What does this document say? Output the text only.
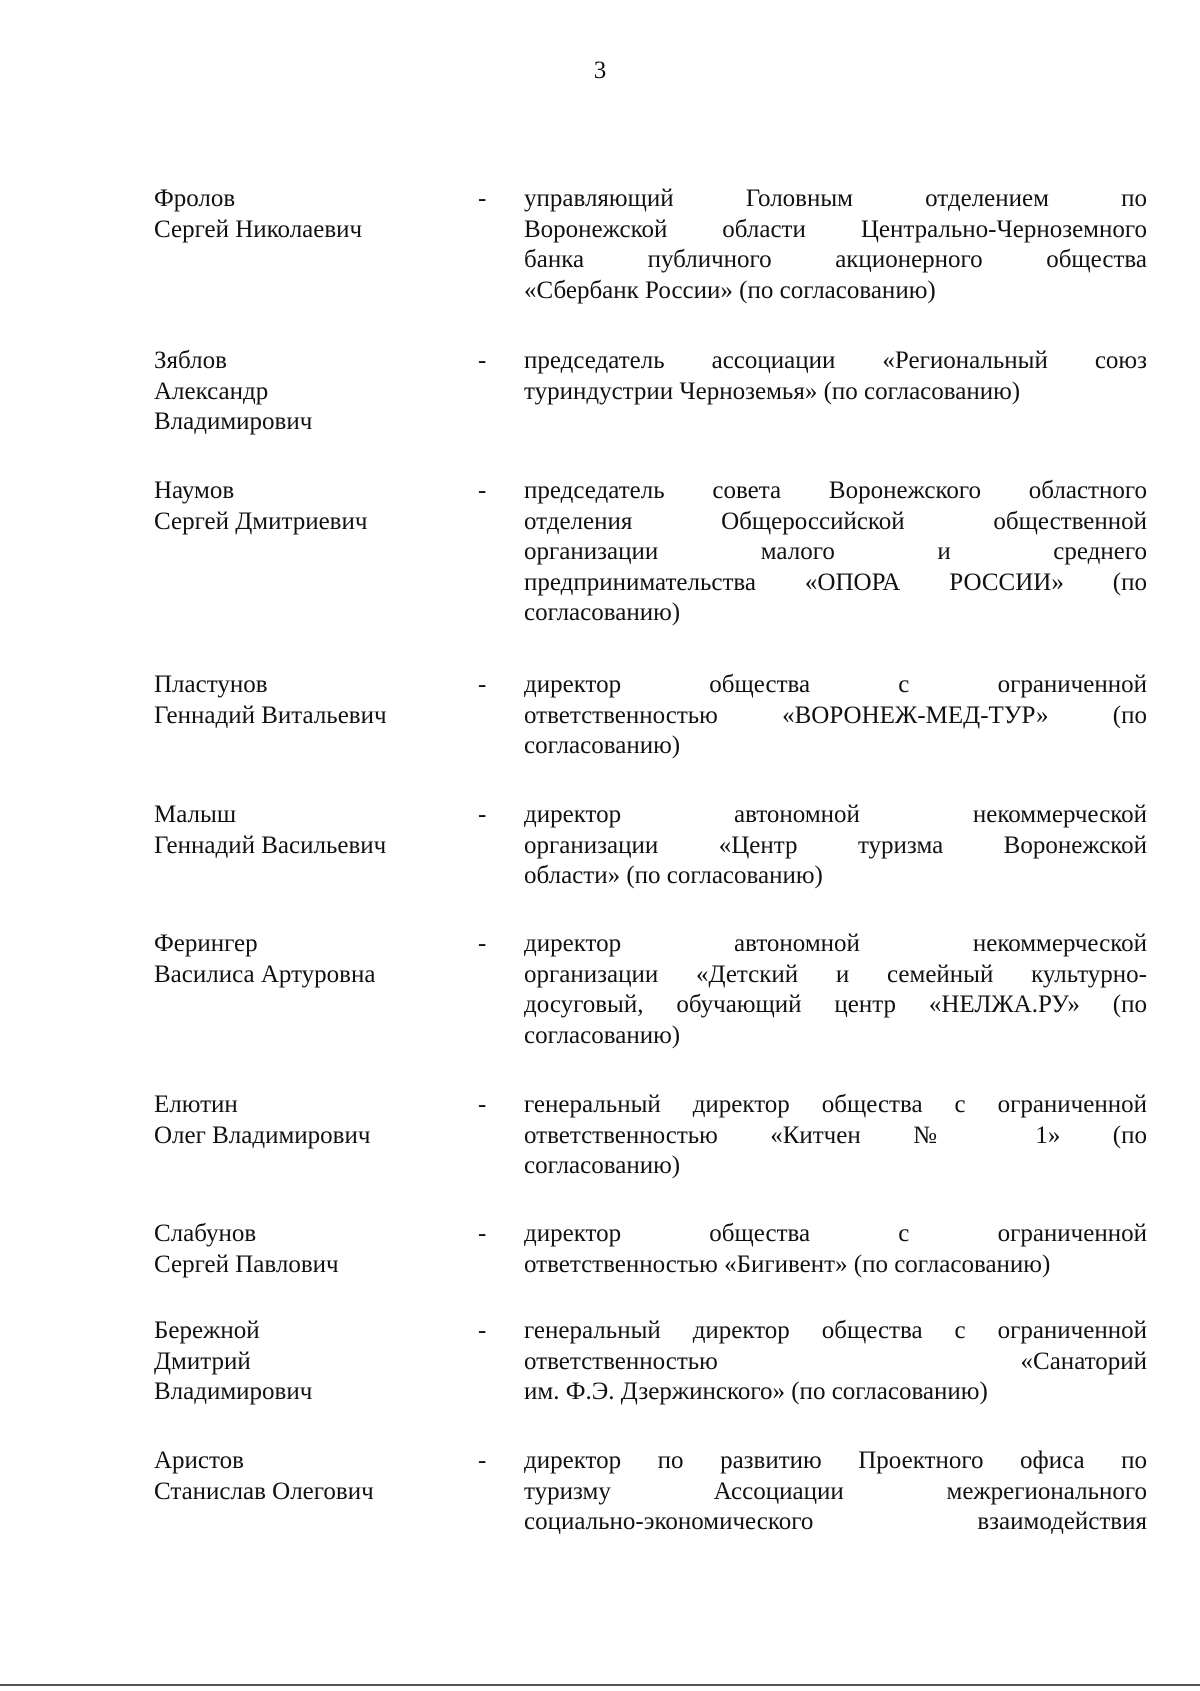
3
Фролов
Сергей Николаевич
- управляющий Головным отделением по
Воронежской области Центрально-Черноземного
банка публичного акционерного общества
«Сбербанк России» (по согласованию)
Зяблов
Александр
Владимирович
- председатель ассоциации «Региональный союз
туриндустрии Черноземья» (по согласованию)
Наумов
Сергей Дмитриевич
- председатель совета Воронежского областного
отделения Общероссийской общественной
организации малого и среднего
предпринимательства «ОПОРА РОССИИ» (по
согласованию)
Пластунов
Геннадий Витальевич
- директор общества с ограниченной
ответственностью «ВОРОНЕЖ-МЕД-ТУР» (по
согласованию)
Малыш
Геннадий Васильевич
- директор автономной некоммерческой
организации «Центр туризма Воронежской
области» (по согласованию)
Ферингер
Василиса Артуровна
- директор автономной некоммерческой
организации «Детский и семейный культурно-
досуговый, обучающий центр «НЕЛЖА.РУ» (по
согласованию)
Елютин
Олег Владимирович
- генеральный директор общества с ограниченной
ответственностью «Китчен № 1» (по
согласованию)
Слабунов
Сергей Павлович
- директор общества с ограниченной
ответственностью «Бигивент» (по согласованию)
Бережной
Дмитрий
Владимирович
- генеральный директор общества с ограниченной
ответственностью «Санаторий
им. Ф.Э. Дзержинского» (по согласованию)
Аристов
Станислав Олегович
- директор по развитию Проектного офиса по
туризму Ассоциации межрегионального
социально-экономического взаимодействия
